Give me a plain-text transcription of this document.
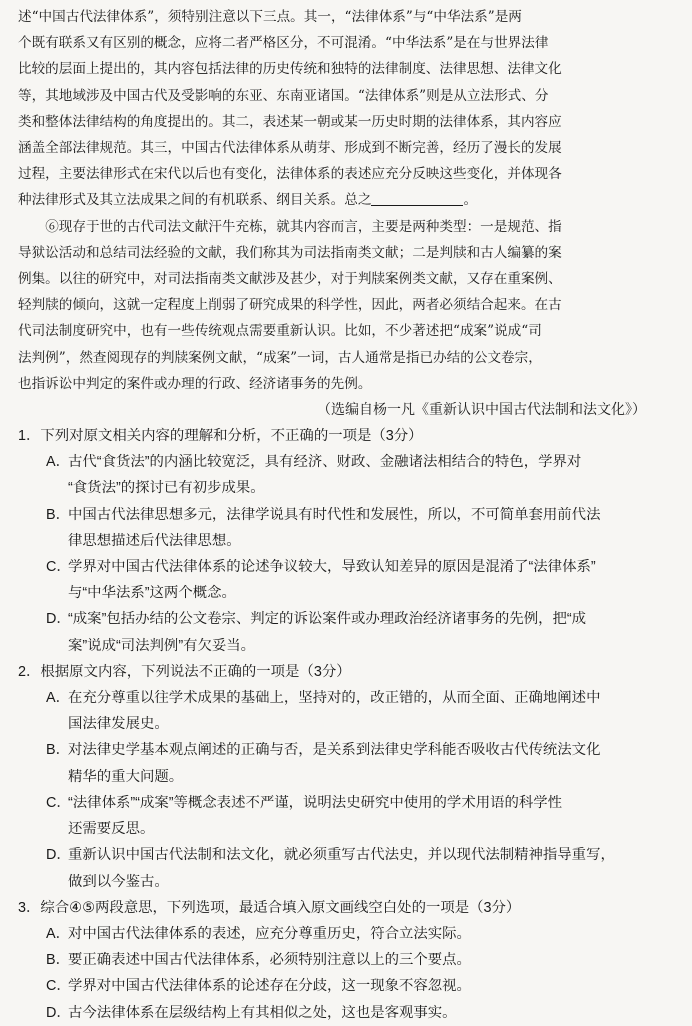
述“中国古代法律体系”，须特别注意以下三点。其一，“法律体系”与“中华法系”是两

个既有联系又有区别的概念，应将二者严格区分，不可混淆。“中华法系”是在与世界法律

比较的层面上提出的，其内容包括法律的历史传统和独特的法律制度、法律思想、法律文化

等，其地域涉及中国古代及受影响的东亚、东南亚诸国。“法律体系”则是从立法形式、分

类和整体法律结构的角度提出的。其二，表述某一朝或某一历史时期的法律体系，其内容应

涵盖全部法律规范。其三，中国古代法律体系从萌芽、形成到不断完善，经历了漫长的发展

过程，主要法律形式在宋代以后也有变化，法律体系的表述应充分反映这些变化，并体现各

种法律形式及其立法成果之间的有机联系、纲目关系。总之	。

⑥现存于世的古代司法文献汗牛充栋，就其内容而言，主要是两种类型：一是规范、指

导狱讼活动和总结司法经验的文献，我们称其为司法指南类文献；二是判牍和古人编纂的案

例集。以往的研究中，对司法指南类文献涉及甚少，对于判牍案例类文献，又存在重案例、

轻判牍的倾向，这就一定程度上削弱了研究成果的科学性，因此，两者必须结合起来。在古

代司法制度研究中，也有一些传统观点需要重新认识。比如，不少著述把“成案”说成“司

法判例”，然查阅现存的判牍案例文献，“成案”一词，古人通常是指已办结的公文卷宗，

也指诉讼中判定的案件或办理的行政、经济诸事务的先例。

（选编自杨一凡《重新认识中国古代法制和法文化》）

1．下列对原文相关内容的理解和分析，不正确的一项是（3分）

A．
古代“食货法”的内涵比较宽泛，具有经济、财政、金融诸法相结合的特色，学界对
“食货法”的探讨已有初步成果。
B．
中国古代法律思想多元，法律学说具有时代性和发展性，所以，不可简单套用前代法
律思想描述后代法律思想。
C．
学界对中国古代法律体系的论述争议较大，导致认知差异的原因是混淆了“法律体系”
与“中华法系”这两个概念。
D．
“成案”包括办结的公文卷宗、判定的诉讼案件或办理政治经济诸事务的先例，把“成
案”说成“司法判例”有欠妥当。

2．根据原文内容，下列说法不正确的一项是（3分）

A．
在充分尊重以往学术成果的基础上，坚持对的，改正错的，从而全面、正确地阐述中
国法律发展史。
B．
对法律史学基本观点阐述的正确与否，是关系到法律史学科能否吸收古代传统法文化
精华的重大问题。
C．
“法律体系”“成案”等概念表述不严谨，说明法史研究中使用的学术用语的科学性
还需要反思。
D．
重新认识中国古代法制和法文化，就必须重写古代法史，并以现代法制精神指导重写，
做到以今鉴古。

3．综合④⑤两段意思，下列选项，最适合填入原文画线空白处的一项是（3分）

A．
对中国古代法律体系的表述，应充分尊重历史，符合立法实际。
B．
要正确表述中国古代法律体系，必须特别注意以上的三个要点。
C．
学界对中国古代法律体系的论述存在分歧，这一现象不容忽视。
D．
古今法律体系在层级结构上有其相似之处，这也是客观事实。
